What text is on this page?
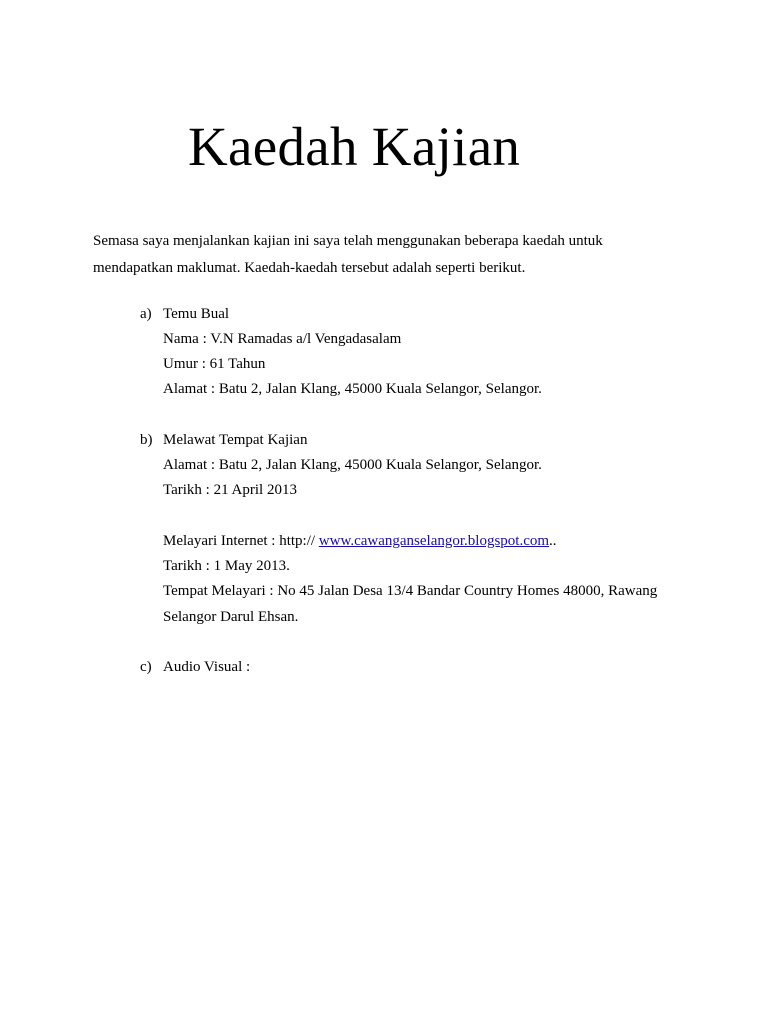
Kaedah Kajian
Semasa saya menjalankan kajian ini saya telah menggunakan beberapa kaedah untuk
mendapatkan maklumat. Kaedah-kaedah tersebut adalah seperti berikut.
a) Temu Bual
Nama : V.N Ramadas a/l Vengadasalam
Umur : 61 Tahun
Alamat : Batu 2, Jalan Klang, 45000 Kuala Selangor, Selangor.
b) Melawat Tempat Kajian
Alamat : Batu 2, Jalan Klang, 45000 Kuala Selangor, Selangor.
Tarikh : 21 April 2013
Melayari Internet : http:// www.cawanganselangor.blogspot.com..
Tarikh : 1 May 2013.
Tempat Melayari : No 45 Jalan Desa 13/4 Bandar Country Homes 48000, Rawang
Selangor Darul Ehsan.
c) Audio Visual :
